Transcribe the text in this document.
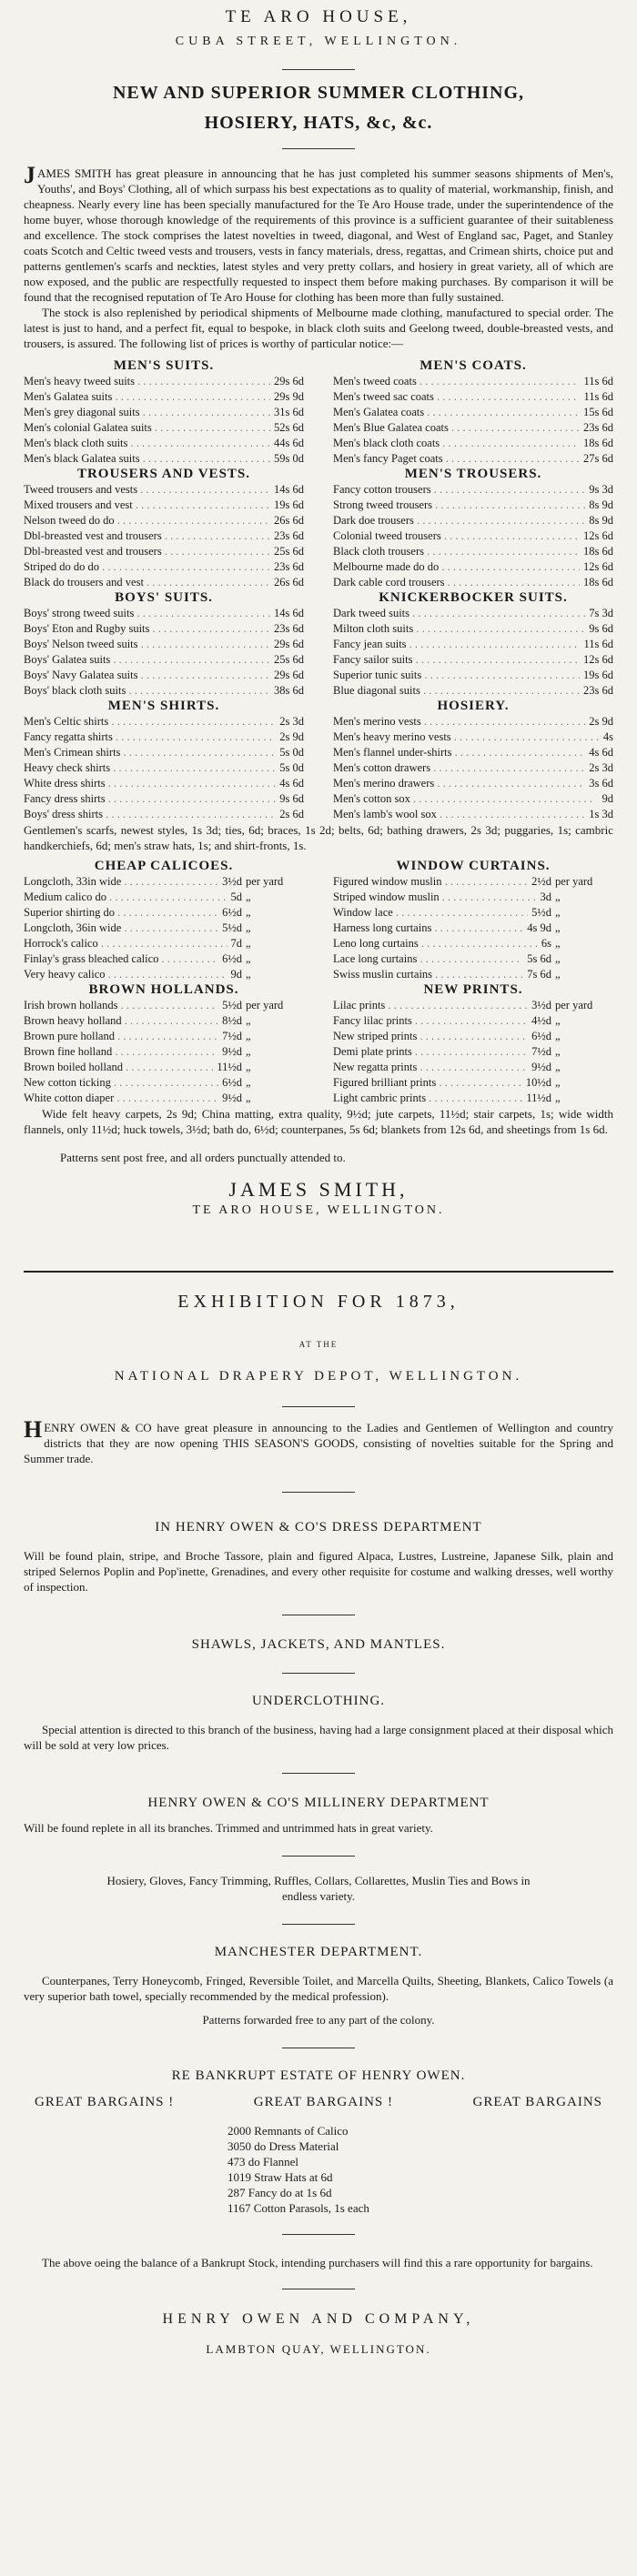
TE ARO HOUSE,
CUBA STREET, WELLINGTON.
NEW AND SUPERIOR SUMMER CLOTHING,
HOSIERY, HATS, &c, &c.
JAMES SMITH has great pleasure in announcing that he has just completed his summer seasons shipments of Men's, Youths', and Boys' Clothing, all of which surpass his best expectations as to quality of material, workmanship, finish, and cheapness. Nearly every line has been specially manufactured for the Te Aro House trade, under the superintendence of the home buyer, whose thorough knowledge of the requirements of this province is a sufficient guarantee of their suitableness and excellence. The stock comprises the latest novelties in tweed, diagonal, and West of England sac, Paget, and Stanley coats Scotch and Celtic tweed vests and trousers, vests in fancy materials, dress, regattas, and Crimean shirts, choice put and patterns gentlemen's scarfs and neckties, latest styles and very pretty collars, and hosiery in great variety, all of which are now exposed, and the public are respectfully requested to inspect them before making purchases. By comparison it will be found that the recognised reputation of Te Aro House for clothing has been more than fully sustained.
The stock is also replenished by periodical shipments of Melbourne made clothing, manufactured to special order. The latest is just to hand, and a perfect fit, equal to bespoke, in black cloth suits and Geelong tweed, double-breasted vests, and trousers, is assured. The following list of prices is worthy of particular notice:—
MEN'S SUITS.
Men's heavy tweed suits . . .	29s 6d
Men's Galatea suits . . .	29s 9d
Men's grey diagonal suits . . .	31s 6d
Men's colonial Galatea suits . . .	52s 6d
Men's black cloth suits . . .	44s 6d
Men's black Galatea suits . . .	59s 0d
TROUSERS AND VESTS.
Tweed trousers and vests . . .	14s 6d
Mixed trousers and vest . . .	19s 6d
Nelson tweed do do . . .	26s 6d
Dbl-breasted vest and trousers . . .	23s 6d
Dbl-breasted vest and trousers . . .	25s 6d
Striped do do do . . .	23s 6d
Black do trousers and vest . . .	26s 6d
BOYS' SUITS.
Boys' strong tweed suits . . .	14s 6d
Boys' Eton and Rugby suits . . .	23s 6d
Boys' Nelson tweed suits . . .	29s 6d
Boys' Galatea suits . . .	25s 6d
Boys' Navy Galatea suits . . .	29s 6d
Boys' black cloth suits . . .	38s 6d
MEN'S SHIRTS.
Men's Celtic shirts . . .	2s 3d
Fancy regatta shirts . . .	2s 9d
Men's Crimean shirts . . .	5s 0d
Heavy check shirts . . .	5s 0d
White dress shirts . . .	4s 6d
Fancy dress shirts . . .	9s 6d
Boys' dress shirts . . .	2s 6d
MEN'S COATS.
Men's tweed coats . . .	11s 6d
Men's tweed sac coats . . .	11s 6d
Men's Galatea coats . . .	15s 6d
Men's Blue Galatea coats . . .	23s 6d
Men's black cloth coats . . .	18s 6d
Men's fancy Paget coats . . .	27s 6d
MEN'S TROUSERS.
Fancy cotton trousers . . .	9s 3d
Strong tweed trousers . . .	8s 9d
Dark doe trousers . . .	8s 9d
Colonial tweed trousers . . .	12s 6d
Black cloth trousers . . .	18s 6d
Melbourne made do do . . .	12s 6d
Dark cable cord trousers . . .	18s 6d
KNICKERBOCKER SUITS.
Dark tweed suits . . .	7s 3d
Milton cloth suits . . .	9s 6d
Fancy jean suits . . .	11s 6d
Fancy sailor suits . . .	12s 6d
Superior tunic suits . . .	19s 6d
Blue diagonal suits . . .	23s 6d
HOSIERY.
Men's merino vests . . .	2s 9d
Men's heavy merino vests . . .	4s
Men's flannel under-shirts . . .	4s 6d
Men's cotton drawers . . .	2s 3d
Men's merino drawers . . .	3s 6d
Men's cotton sox . . .	9d
Men's lamb's wool sox . . .	1s 3d
Gentlemen's scarfs, newest styles, 1s 3d; ties, 6d; braces, 1s 2d; belts, 6d; bathing drawers, 2s 3d; puggaries, 1s; cambric handkerchiefs, 6d; men's straw hats, 1s; and shirt-fronts, 1s.
CHEAP CALICOES.
Longcloth, 33in wide . . .	3½d per yard
Medium calico do . . .	5d „
Superior shirting do . . .	6½d „
Longcloth, 36in wide . . .	5½d „
Horrock's calico . . .	7d „
Finlay's grass bleached calico . . .	6½d „
Very heavy calico . . .	9d „
BROWN HOLLANDS.
Irish brown hollands . . .	5½d per yard
Brown heavy holland . . .	8½d „
Brown pure holland . . .	7½d „
Brown fine holland . . .	9½d „
Brown boiled holland . . .	11½d „
New cotton ticking . . .	6½d „
White cotton diaper . . .	9½d „
WINDOW CURTAINS.
Figured window muslin . . .	2½d per yard
Striped window muslin . . .	3d „
Window lace . . .	5½d „
Harness long curtains . . .	4s 9d „
Leno long curtains . . .	6s „
Lace long curtains . . .	5s 6d „
Swiss muslin curtains . . .	7s 6d „
NEW PRINTS.
Lilac prints . . .	3½d per yard
Fancy lilac prints . . .	4½d „
New striped prints . . .	6½d „
Demi plate prints . . .	7½d „
New regatta prints . . .	9½d „
Figured brilliant prints . . .	10½d „
Light cambric prints . . .	11½d „
Wide felt heavy carpets, 2s 9d; China matting, extra quality, 9½d; jute carpets, 11½d; stair carpets, 1s; wide width flannels, only 11½d; huck towels, 3½d; bath do, 6½d; counterpanes, 5s 6d; blankets from 12s 6d, and sheetings from 1s 6d.
Patterns sent post free, and all orders punctually attended to.
JAMES SMITH,
TE ARO HOUSE, WELLINGTON.
EXHIBITION FOR 1873,
AT THE
NATIONAL DRAPERY DEPOT, WELLINGTON.
HENRY OWEN & CO have great pleasure in announcing to the Ladies and Gentlemen of Wellington and country districts that they are now opening THIS SEASON'S GOODS, consisting of novelties suitable for the Spring and Summer trade.
IN HENRY OWEN & CO'S DRESS DEPARTMENT
Will be found plain, stripe, and Broche Tassore, plain and figured Alpaca, Lustres, Lustreine, Japanese Silk, plain and striped Selernos Poplin and Pop'inette, Grenadines, and every other requisite for costume and walking dresses, well worthy of inspection.
SHAWLS, JACKETS, AND MANTLES.
UNDERCLOTHING.
Special attention is directed to this branch of the business, having had a large consignment placed at their disposal which will be sold at very low prices.
HENRY OWEN & CO'S MILLINERY DEPARTMENT
Will be found replete in all its branches. Trimmed and untrimmed hats in great variety.
Hosiery, Gloves, Fancy Trimming, Ruffles, Collars, Collarettes, Muslin Ties and Bows in endless variety.
MANCHESTER DEPARTMENT.
Counterpanes, Terry Honeycomb, Fringed, Reversible Toilet, and Marcella Quilts, Sheeting, Blankets, Calico Towels (a very superior bath towel, specially recommended by the medical profession).
Patterns forwarded free to any part of the colony.
RE BANKRUPT ESTATE OF HENRY OWEN.
GREAT BARGAINS !	GREAT BARGAINS !	GREAT BARGAINS
2000 Remnants of Calico
3050 do Dress Material
473 do Flannel
1019 Straw Hats at 6d
287 Fancy do at 1s 6d
1167 Cotton Parasols, 1s each
The above oeing the balance of a Bankrupt Stock, intending purchasers will find this a rare opportunity for bargains.
HENRY OWEN AND COMPANY,
LAMBTON QUAY, WELLINGTON.
